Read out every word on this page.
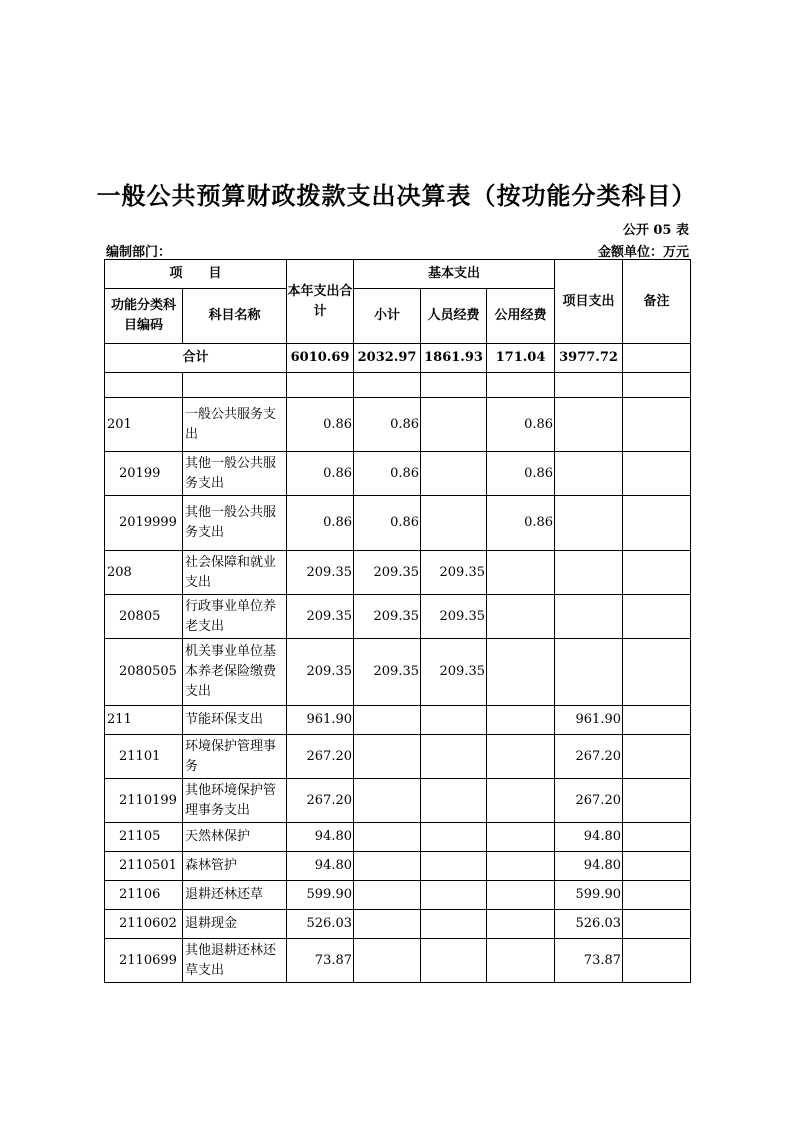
一般公共预算财政拨款支出决算表（按功能分类科目）
公开 05 表
编制部门：	金额单位：万元
项　　目		本年支出合计	基本支出			项目支出	备注
功能分类科目编码	科目名称		小计	人员经费	公用经费		
合计		6010.69	2032.97	1861.93	171.04	3977.72	

201	一般公共服务支出	0.86	0.86		0.86		
20199	其他一般公共服务支出	0.86	0.86		0.86		
2019999	其他一般公共服务支出	0.86	0.86		0.86		
208	社会保障和就业支出	209.35	209.35	209.35			
20805	行政事业单位养老支出	209.35	209.35	209.35			
2080505	机关事业单位基本养老保险缴费支出	209.35	209.35	209.35			
211	节能环保支出	961.90				961.90	
21101	环境保护管理事务	267.20				267.20	
2110199	其他环境保护管理事务支出	267.20				267.20	
21105	天然林保护	94.80				94.80	
2110501	森林管护	94.80				94.80	
21106	退耕还林还草	599.90				599.90	
2110602	退耕现金	526.03				526.03	
2110699	其他退耕还林还草支出	73.87				73.87	
